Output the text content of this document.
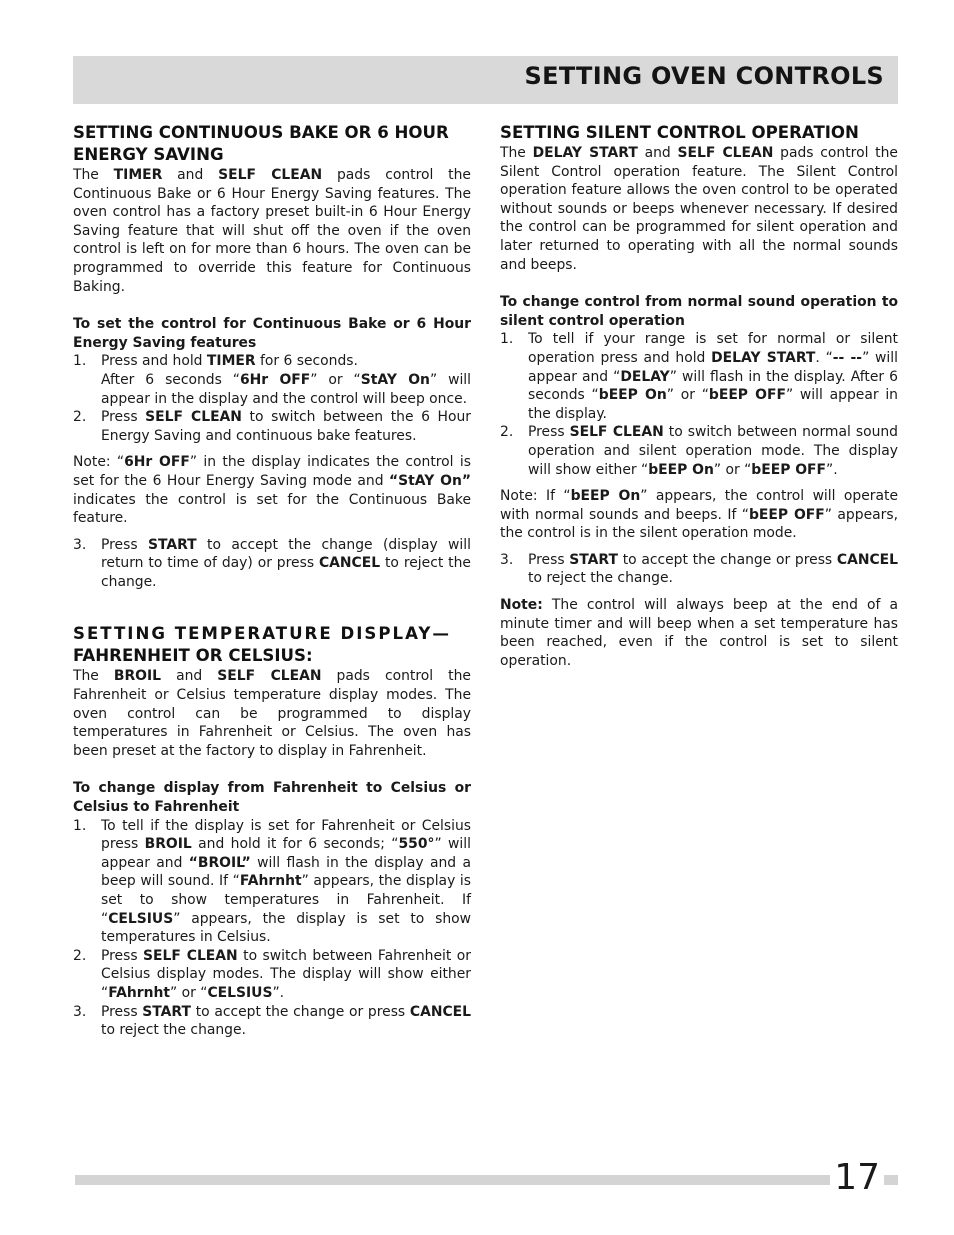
SETTING OVEN CONTROLS
SETTING CONTINUOUS BAKE OR 6 HOUR ENERGY SAVING

The TIMER and SELF CLEAN pads control the Continuous Bake or 6 Hour Energy Saving features. The oven control has a factory preset built-in 6 Hour Energy Saving feature that will shut off the oven if the oven control is left on for more than 6 hours. The oven can be programmed to override this feature for Continuous Baking.

To set the control for Continuous Bake or 6 Hour Energy Saving features

1. Press and hold TIMER for 6 seconds.
After 6 seconds “6Hr OFF” or “StAY On” will appear in the display and the control will beep once.
2. Press SELF CLEAN to switch between the 6 Hour Energy Saving and continuous bake features.

Note: “6Hr OFF” in the display indicates the control is set for the 6 Hour Energy Saving mode and “StAY On” indicates the control is set for the Continuous Bake feature.

3. Press START to accept the change (display will return to time of day) or press CANCEL to reject the change.
SETTING TEMPERATURE DISPLAY—
FAHRENHEIT OR CELSIUS:

The BROIL and SELF CLEAN pads control the Fahrenheit or Celsius temperature display modes. The oven control can be programmed to display temperatures in Fahrenheit or Celsius. The oven has been preset at the factory to display in Fahrenheit.

To change display from Fahrenheit to Celsius or Celsius to Fahrenheit

1. To tell if the display is set for Fahrenheit or Celsius press BROIL and hold it for 6 seconds; “550°” will appear and “BROIL” will flash in the display and a beep will sound. If “FAhrnht” appears, the display is set to show temperatures in Fahrenheit. If “CELSIUS” appears, the display is set to show temperatures in Celsius.
2. Press SELF CLEAN to switch between Fahrenheit or Celsius display modes. The display will show either “FAhrnht” or “CELSIUS”.
3. Press START to accept the change or press CANCEL to reject the change.
SETTING SILENT CONTROL OPERATION

The DELAY START and SELF CLEAN pads control the Silent Control operation feature. The Silent Control operation feature allows the oven control to be operated without sounds or beeps whenever necessary. If desired the control can be programmed for silent operation and later returned to operating with all the normal sounds and beeps.

To change control from normal sound operation to silent control operation

1. To tell if your range is set for normal or silent operation press and hold DELAY START. “-- --” will appear and “DELAY” will flash in the display. After 6 seconds “bEEP On” or “bEEP OFF” will appear in the display.
2. Press SELF CLEAN to switch between normal sound operation and silent operation mode. The display will show either “bEEP On” or “bEEP OFF”.

Note: If “bEEP On” appears, the control will operate with normal sounds and beeps. If “bEEP OFF” appears, the control is in the silent operation mode.

3. Press START to accept the change or press CANCEL to reject the change.

Note: The control will always beep at the end of a minute timer and will beep when a set temperature has been reached, even if the control is set to silent operation.

17
